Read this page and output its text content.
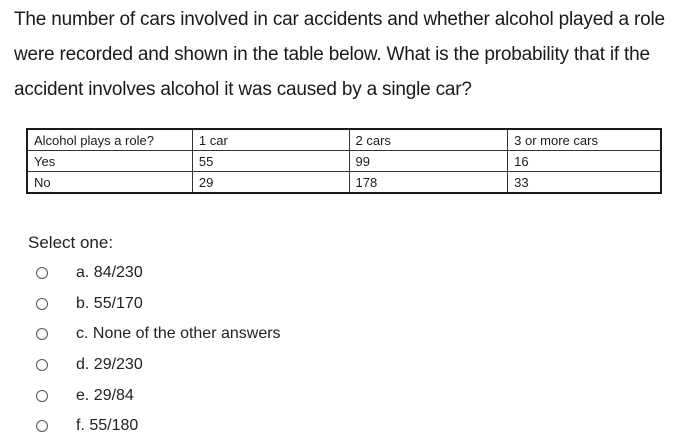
The number of cars involved in car accidents and whether alcohol played a role
were recorded and shown in the table below. What is the probability that if the
accident involves alcohol it was caused by a single car?
Alcohol plays a role?	1 car	2 cars	3 or more cars
Yes	55	99	16
No	29	178	33
Select one:
a. 84/230
b. 55/170
c. None of the other answers
d. 29/230
e. 29/84
f. 55/180
